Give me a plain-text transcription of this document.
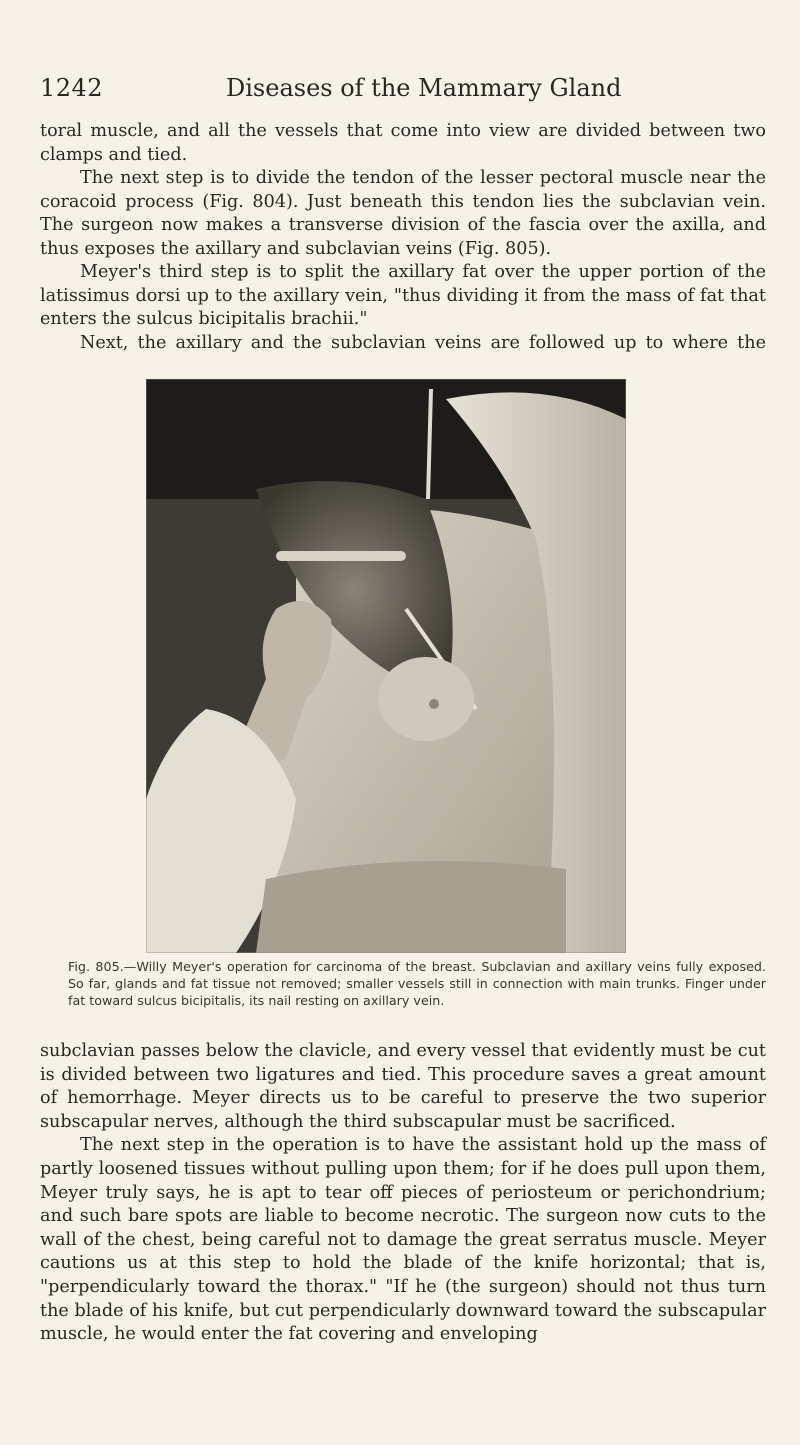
1242	Diseases of the Mammary Gland

toral muscle, and all the vessels that come into view are divided between two clamps and tied.

The next step is to divide the tendon of the lesser pectoral muscle near the coracoid process (Fig. 804). Just beneath this tendon lies the subclavian vein. The surgeon now makes a transverse division of the fascia over the axilla, and thus exposes the axillary and subclavian veins (Fig. 805).

Meyer's third step is to split the axillary fat over the upper portion of the latissimus dorsi up to the axillary vein, "thus dividing it from the mass of fat that enters the sulcus bicipitalis brachii."

Next, the axillary and the subclavian veins are followed up to where the

Fig. 805.—Willy Meyer's operation for carcinoma of the breast. Subclavian and axillary veins fully exposed. So far, glands and fat tissue not removed; smaller vessels still in connection with main trunks. Finger under fat toward sulcus bicipitalis, its nail resting on axillary vein.

subclavian passes below the clavicle, and every vessel that evidently must be cut is divided between two ligatures and tied. This procedure saves a great amount of hemorrhage. Meyer directs us to be careful to preserve the two superior subscapular nerves, although the third subscapular must be sacrificed.

The next step in the operation is to have the assistant hold up the mass of partly loosened tissues without pulling upon them; for if he does pull upon them, Meyer truly says, he is apt to tear off pieces of periosteum or perichondrium; and such bare spots are liable to become necrotic. The surgeon now cuts to the wall of the chest, being careful not to damage the great serratus muscle. Meyer cautions us at this step to hold the blade of the knife horizontal; that is, "perpendicularly toward the thorax." "If he (the surgeon) should not thus turn the blade of his knife, but cut perpendicularly downward toward the subscapular muscle, he would enter the fat covering and enveloping
